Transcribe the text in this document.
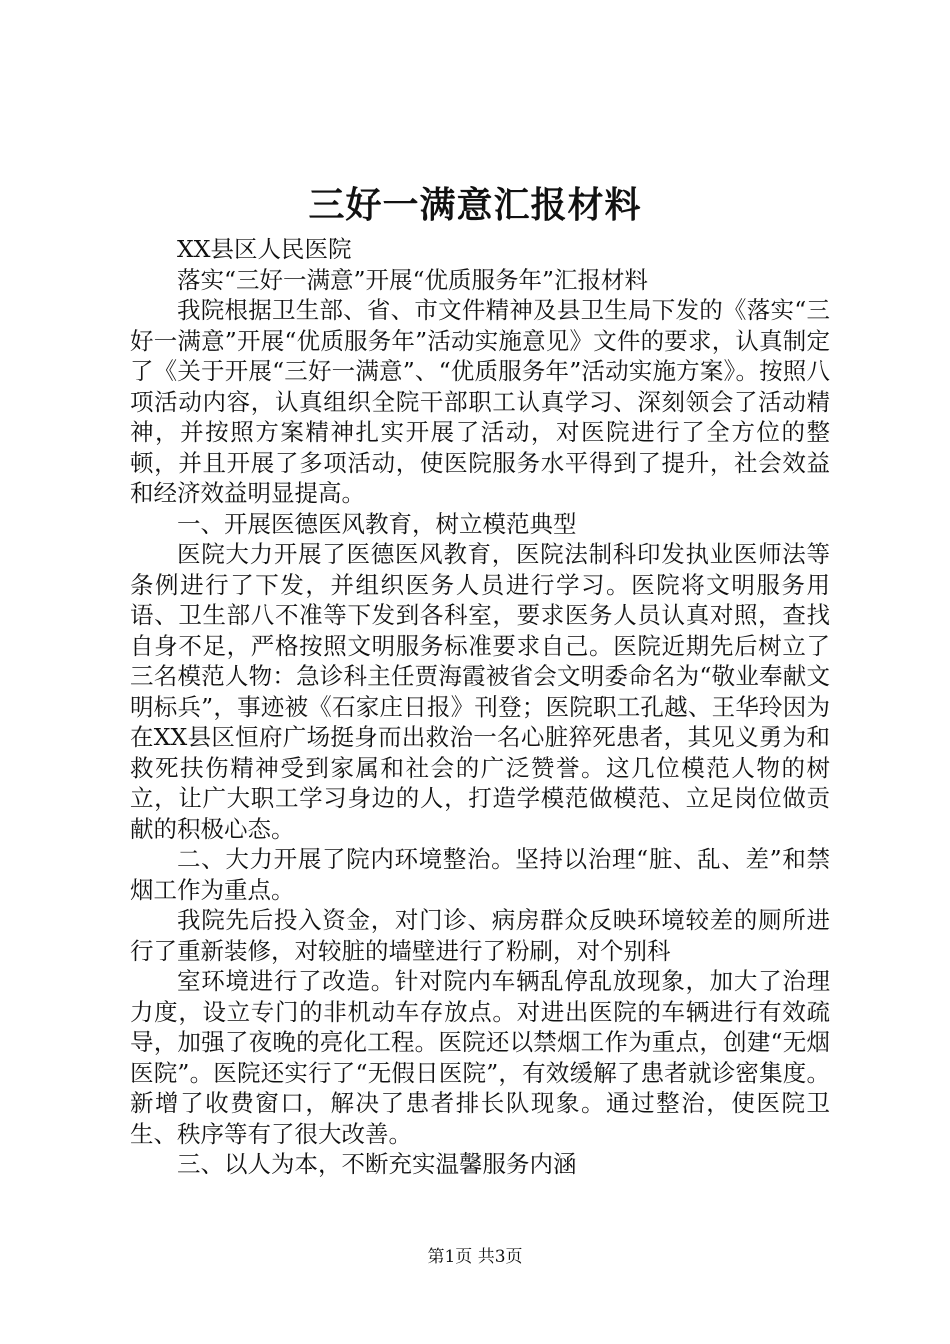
三好一满意汇报材料

XX县区人民医院

落实“三好一满意”开展“优质服务年”汇报材料

我院根据卫生部、省、市文件精神及县卫生局下发的《落实“三好一满意”开展“优质服务年”活动实施意见》文件的要求，认真制定了《关于开展“三好一满意”、“优质服务年”活动实施方案》。按照八项活动内容，认真组织全院干部职工认真学习、深刻领会了活动精神，并按照方案精神扎实开展了活动，对医院进行了全方位的整顿，并且开展了多项活动，使医院服务水平得到了提升，社会效益和经济效益明显提高。

一、开展医德医风教育，树立模范典型

医院大力开展了医德医风教育，医院法制科印发执业医师法等条例进行了下发，并组织医务人员进行学习。医院将文明服务用语、卫生部八不准等下发到各科室，要求医务人员认真对照，查找自身不足，严格按照文明服务标准要求自己。医院近期先后树立了三名模范人物：急诊科主任贾海霞被省会文明委命名为“敬业奉献文明标兵”，事迹被《石家庄日报》刊登；医院职工孔越、王华玲因为在XX县区恒府广场挺身而出救治一名心脏猝死患者，其见义勇为和救死扶伤精神受到家属和社会的广泛赞誉。这几位模范人物的树立，让广大职工学习身边的人，打造学模范做模范、立足岗位做贡献的积极心态。

二、大力开展了院内环境整治。坚持以治理“脏、乱、差”和禁烟工作为重点。

我院先后投入资金，对门诊、病房群众反映环境较差的厕所进行了重新装修，对较脏的墙壁进行了粉刷，对个别科

室环境进行了改造。针对院内车辆乱停乱放现象，加大了治理力度，设立专门的非机动车存放点。对进出医院的车辆进行有效疏导，加强了夜晚的亮化工程。医院还以禁烟工作为重点，创建“无烟医院”。医院还实行了“无假日医院”，有效缓解了患者就诊密集度。新增了收费窗口，解决了患者排长队现象。通过整治，使医院卫生、秩序等有了很大改善。

三、以人为本，不断充实温馨服务内涵

第1页 共3页
